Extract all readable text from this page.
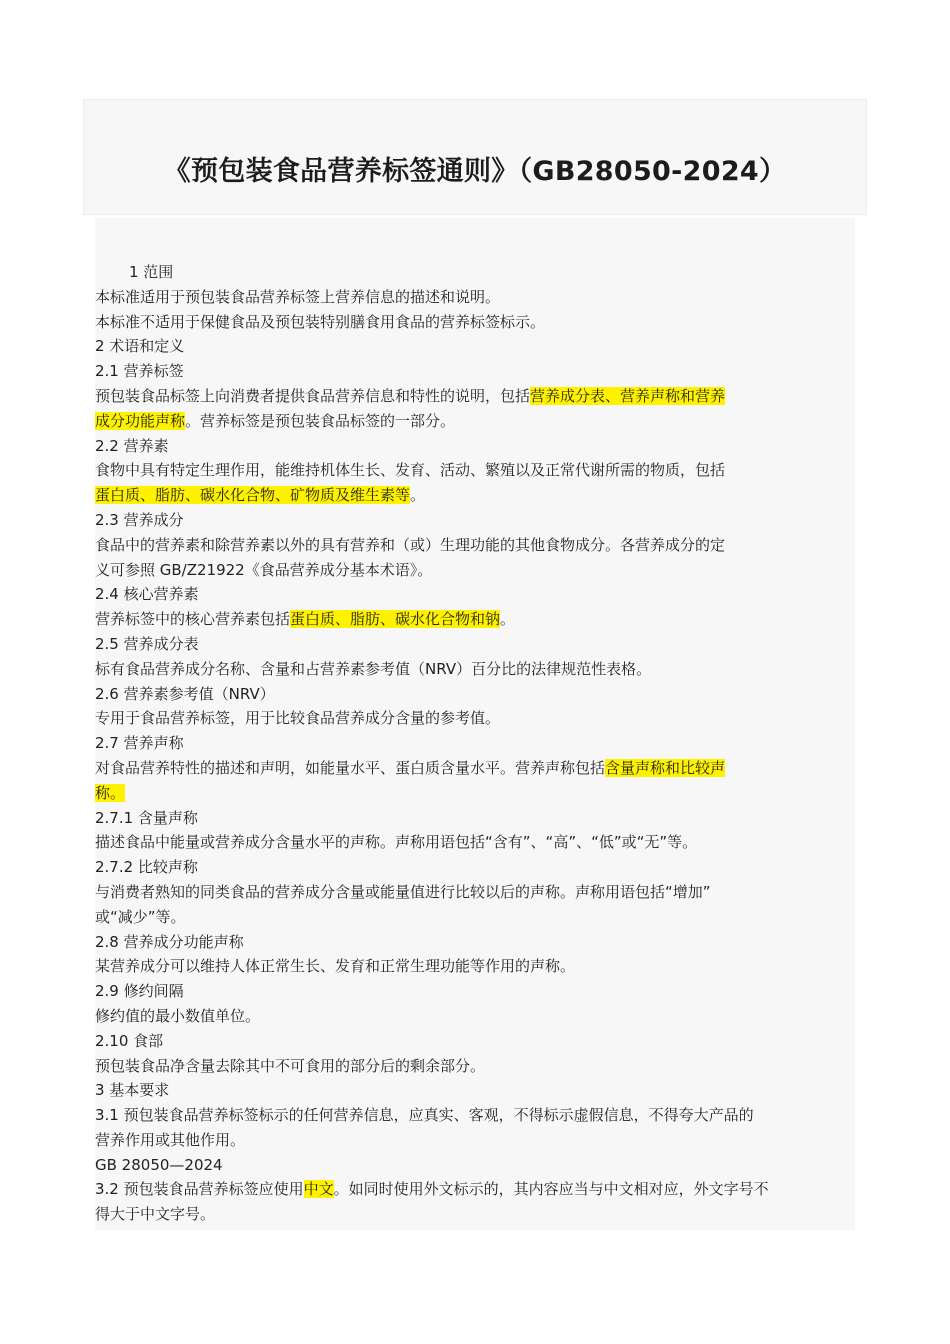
《预包装食品营养标签通则》（GB28050-2024）

1 范围

本标准适用于预包装食品营养标签上营养信息的描述和说明。

本标准不适用于保健食品及预包装特别膳食用食品的营养标签标示。

2 术语和定义

2.1 营养标签

预包装食品标签上向消费者提供食品营养信息和特性的说明，包括营养成分表、营养声称和营养

成分功能声称。营养标签是预包装食品标签的一部分。

2.2 营养素

食物中具有特定生理作用，能维持机体生长、发育、活动、繁殖以及正常代谢所需的物质，包括

蛋白质、脂肪、碳水化合物、矿物质及维生素等。

2.3 营养成分

食品中的营养素和除营养素以外的具有营养和（或）生理功能的其他食物成分。各营养成分的定

义可参照 GB/Z21922《食品营养成分基本术语》。

2.4 核心营养素

营养标签中的核心营养素包括蛋白质、脂肪、碳水化合物和钠。

2.5 营养成分表

标有食品营养成分名称、含量和占营养素参考值（NRV）百分比的法律规范性表格。

2.6 营养素参考值（NRV）

专用于食品营养标签，用于比较食品营养成分含量的参考值。

2.7 营养声称

对食品营养特性的描述和声明，如能量水平、蛋白质含量水平。营养声称包括含量声称和比较声

称。

2.7.1 含量声称

描述食品中能量或营养成分含量水平的声称。声称用语包括“含有”、“高”、“低”或“无”等。

2.7.2 比较声称

与消费者熟知的同类食品的营养成分含量或能量值进行比较以后的声称。声称用语包括“增加”

或“减少”等。

2.8 营养成分功能声称

某营养成分可以维持人体正常生长、发育和正常生理功能等作用的声称。

2.9 修约间隔

修约值的最小数值单位。

2.10 食部

预包装食品净含量去除其中不可食用的部分后的剩余部分。

3 基本要求

3.1 预包装食品营养标签标示的任何营养信息，应真实、客观，不得标示虚假信息，不得夸大产品的

营养作用或其他作用。

GB 28050—2024

3.2 预包装食品营养标签应使用中文。如同时使用外文标示的，其内容应当与中文相对应，外文字号不

得大于中文字号。
